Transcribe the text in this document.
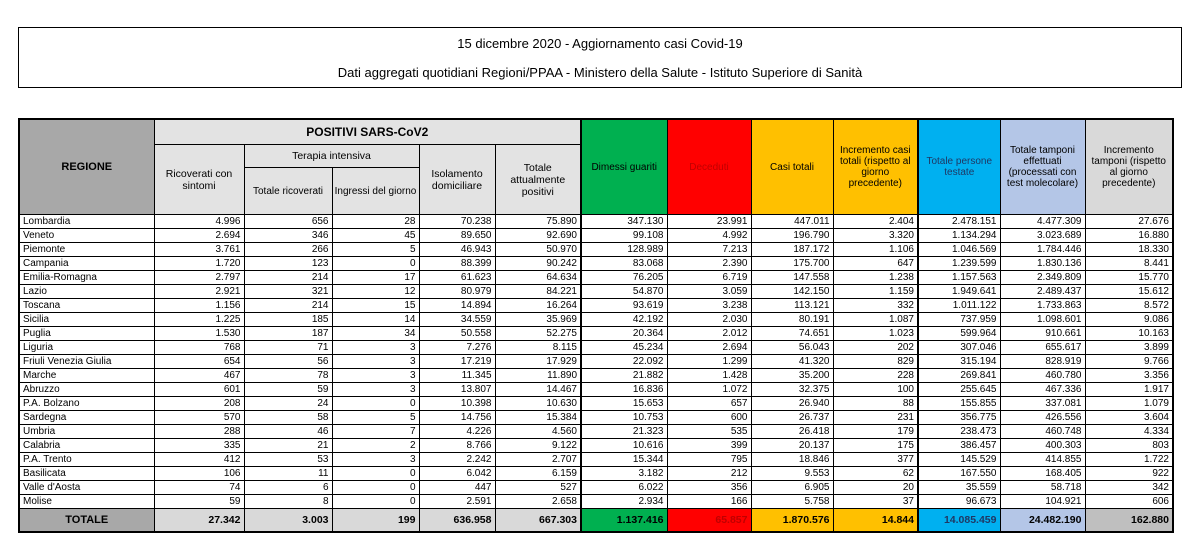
15 dicembre 2020 - Aggiornamento casi Covid-19
Dati aggregati quotidiani Regioni/PPAA - Ministero della Salute - Istituto Superiore di Sanità
REGIONE	POSITIVI SARS-CoV2					Dimessi guariti	Deceduti	Casi totali	Incremento casi totali (rispetto al giorno precedente)	Totale persone testate	Totale tamponi effettuati (processati con test molecolare)	Incremento tamponi (rispetto al giorno precedente)
	Ricoverati con sintomi	Terapia intensiva		Isolamento domiciliare	Totale attualmente positivi							
		Totale ricoverati	Ingressi del giorno									
Lombardia	4.996	656	28	70.238	75.890	347.130	23.991	447.011	2.404	2.478.151	4.477.309	27.676
Veneto	2.694	346	45	89.650	92.690	99.108	4.992	196.790	3.320	1.134.294	3.023.689	16.880
Piemonte	3.761	266	5	46.943	50.970	128.989	7.213	187.172	1.106	1.046.569	1.784.446	18.330
Campania	1.720	123	0	88.399	90.242	83.068	2.390	175.700	647	1.239.599	1.830.136	8.441
Emilia-Romagna	2.797	214	17	61.623	64.634	76.205	6.719	147.558	1.238	1.157.563	2.349.809	15.770
Lazio	2.921	321	12	80.979	84.221	54.870	3.059	142.150	1.159	1.949.641	2.489.437	15.612
Toscana	1.156	214	15	14.894	16.264	93.619	3.238	113.121	332	1.011.122	1.733.863	8.572
Sicilia	1.225	185	14	34.559	35.969	42.192	2.030	80.191	1.087	737.959	1.098.601	9.086
Puglia	1.530	187	34	50.558	52.275	20.364	2.012	74.651	1.023	599.964	910.661	10.163
Liguria	768	71	3	7.276	8.115	45.234	2.694	56.043	202	307.046	655.617	3.899
Friuli Venezia Giulia	654	56	3	17.219	17.929	22.092	1.299	41.320	829	315.194	828.919	9.766
Marche	467	78	3	11.345	11.890	21.882	1.428	35.200	228	269.841	460.780	3.356
Abruzzo	601	59	3	13.807	14.467	16.836	1.072	32.375	100	255.645	467.336	1.917
P.A. Bolzano	208	24	0	10.398	10.630	15.653	657	26.940	88	155.855	337.081	1.079
Sardegna	570	58	5	14.756	15.384	10.753	600	26.737	231	356.775	426.556	3.604
Umbria	288	46	7	4.226	4.560	21.323	535	26.418	179	238.473	460.748	4.334
Calabria	335	21	2	8.766	9.122	10.616	399	20.137	175	386.457	400.303	803
P.A. Trento	412	53	3	2.242	2.707	15.344	795	18.846	377	145.529	414.855	1.722
Basilicata	106	11	0	6.042	6.159	3.182	212	9.553	62	167.550	168.405	922
Valle d'Aosta	74	6	0	447	527	6.022	356	6.905	20	35.559	58.718	342
Molise	59	8	0	2.591	2.658	2.934	166	5.758	37	96.673	104.921	606
TOTALE	27.342	3.003	199	636.958	667.303	1.137.416	65.857	1.870.576	14.844	14.085.459	24.482.190	162.880
